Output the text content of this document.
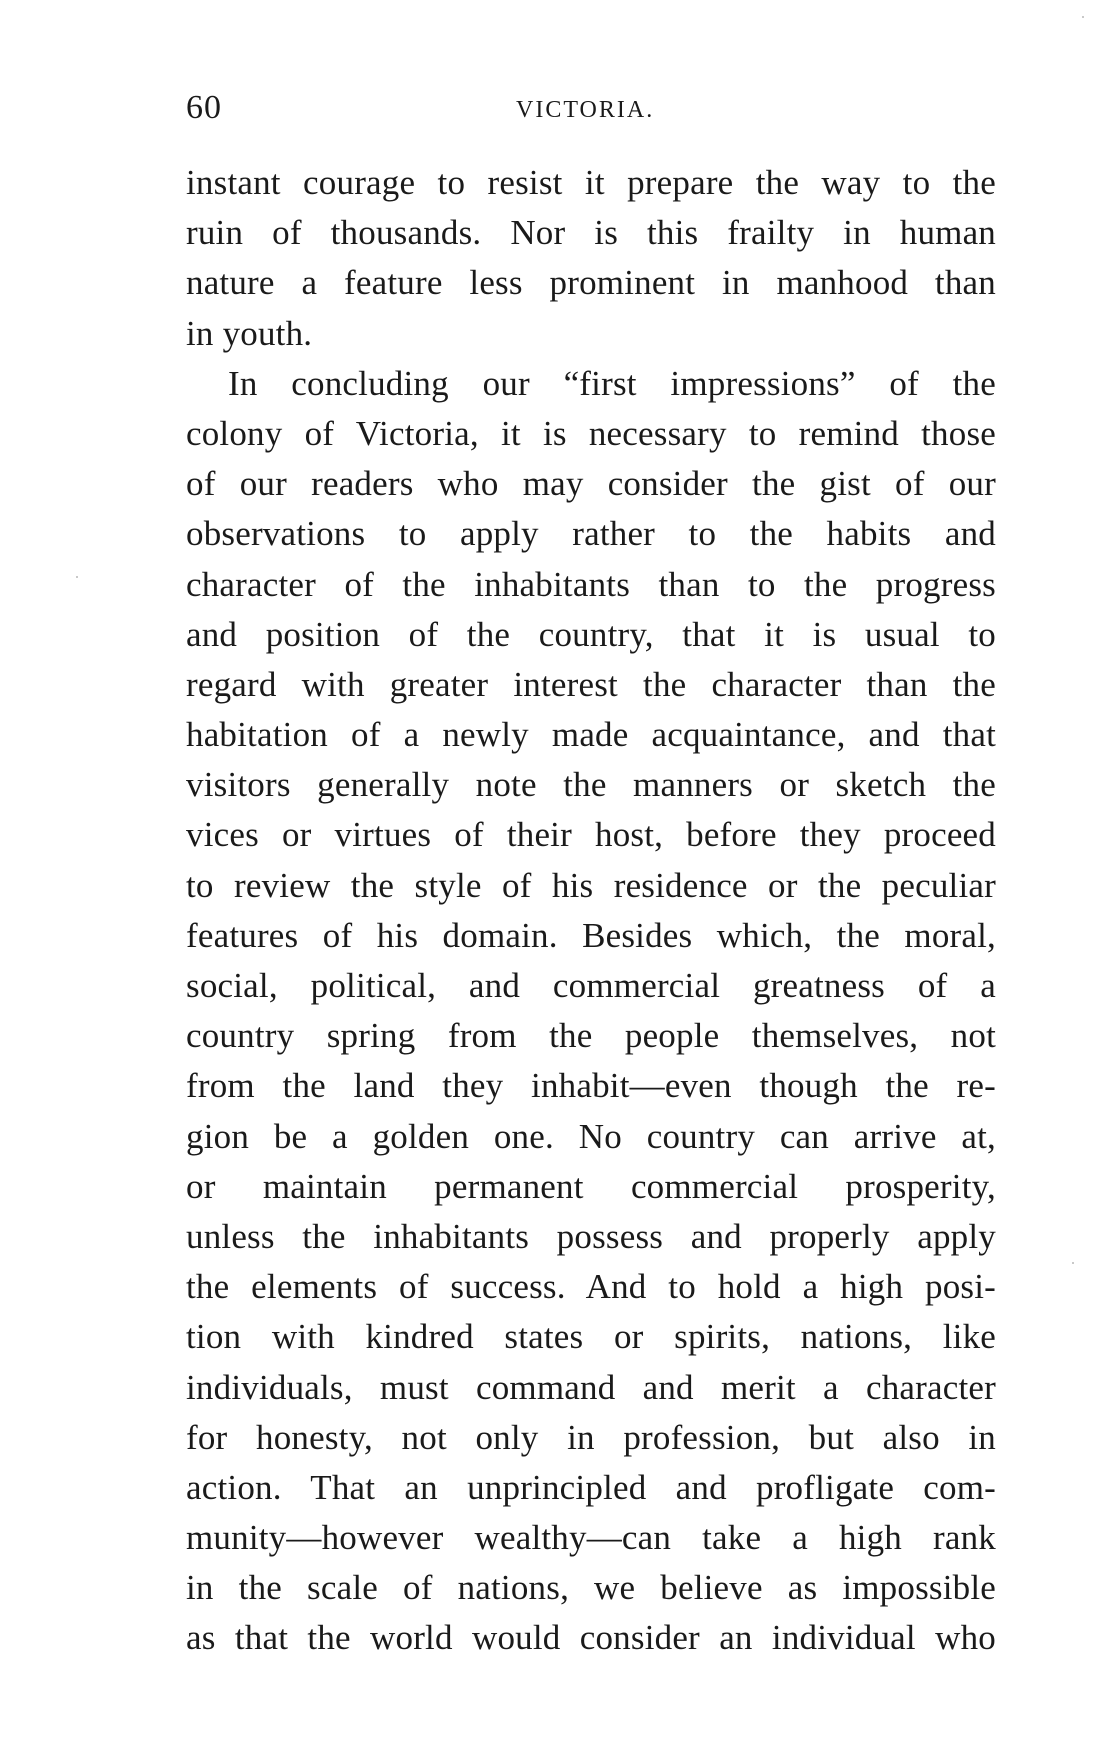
60	VICTORIA.
instant courage to resist it prepare the way to the
ruin of thousands. Nor is this frailty in human
nature a feature less prominent in manhood than
in youth.
In concluding our “first impressions” of the
colony of Victoria, it is necessary to remind those
of our readers who may consider the gist of our
observations to apply rather to the habits and
character of the inhabitants than to the progress
and position of the country, that it is usual to
regard with greater interest the character than the
habitation of a newly made acquaintance, and that
visitors generally note the manners or sketch the
vices or virtues of their host, before they proceed
to review the style of his residence or the peculiar
features of his domain. Besides which, the moral,
social, political, and commercial greatness of a
country spring from the people themselves, not
from the land they inhabit—even though the re-
gion be a golden one. No country can arrive at,
or maintain permanent commercial prosperity,
unless the inhabitants possess and properly apply
the elements of success. And to hold a high posi-
tion with kindred states or spirits, nations, like
individuals, must command and merit a character
for honesty, not only in profession, but also in
action. That an unprincipled and profligate com-
munity—however wealthy—can take a high rank
in the scale of nations, we believe as impossible
as that the world would consider an individual who
